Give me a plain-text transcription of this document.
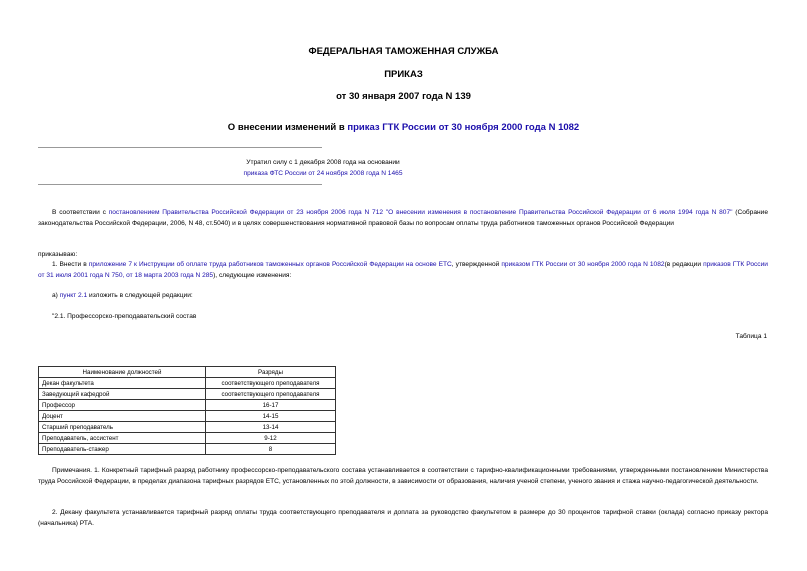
ФЕДЕРАЛЬНАЯ ТАМОЖЕННАЯ СЛУЖБА
ПРИКАЗ
от 30 января 2007 года N 139
О внесении изменений в приказ ГТК России от 30 ноября 2000 года N 1082
Утратил силу с 1 декабря 2008 года на основании
приказа ФТС России от 24 ноября 2008 года N 1465
В соответствии с постановлением Правительства Российской Федерации от 23 ноября 2006 года N 712 "О внесении изменения в постановление Правительства Российской Федерации от 6 июля 1994 года N 807" (Собрание законодательства Российской Федерации, 2006, N 48, ст.5040) и в целях совершенствования нормативной правовой базы по вопросам оплаты труда работников таможенных органов Российской Федерации
приказываю:
1. Внести в приложение 7 к Инструкции об оплате труда работников таможенных органов Российской Федерации на основе ЕТС, утвержденной приказом ГТК России от 30 ноября 2000 года N 1082(в редакции приказов ГТК России от 31 июля 2001 года N 750, от 18 марта 2003 года N 285), следующие изменения:
а) пункт 2.1 изложить в следующей редакции:
"2.1. Профессорско-преподавательский состав
Таблица 1
Наименование должностей	Разряды
Декан факультета	соответствующего преподавателя
Заведующий кафедрой	соответствующего преподавателя
Профессор	16-17
Доцент	14-15
Старший преподаватель	13-14
Преподаватель, ассистент	9-12
Преподаватель-стажер	8
Примечания. 1. Конкретный тарифный разряд работнику профессорско-преподавательского состава устанавливается в соответствии с тарифно-квалификационными требованиями, утвержденными постановлением Министерства труда Российской Федерации, в пределах диапазона тарифных разрядов ЕТС, установленных по этой должности, в зависимости от образования, наличия ученой степени, ученого звания и стажа научно-педагогической деятельности.
2. Декану факультета устанавливается тарифный разряд оплаты труда соответствующего преподавателя и доплата за руководство факультетом в размере до 30 процентов тарифной ставки (оклада) согласно приказу ректора (начальника) РТА.
